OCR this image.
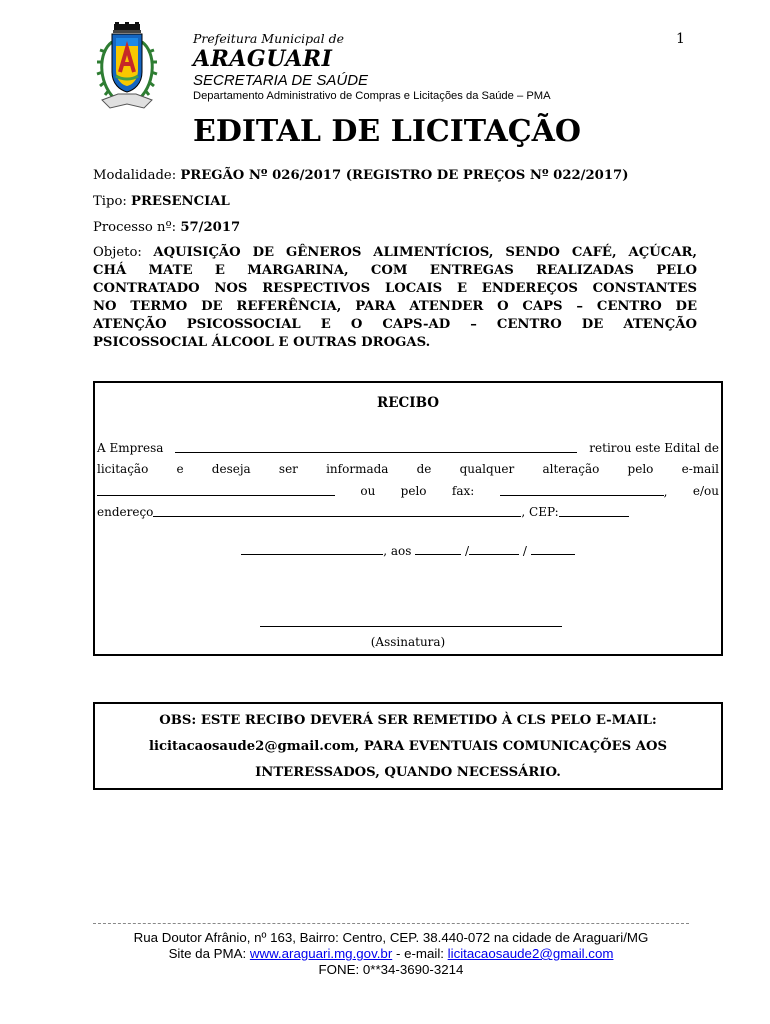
1
Prefeitura Municipal de
ARAGUARI
SECRETARIA DE SAÚDE
Departamento Administrativo de Compras e Licitações da Saúde – PMA
EDITAL DE LICITAÇÃO
Modalidade: PREGÃO Nº 026/2017 (REGISTRO DE PREÇOS Nº 022/2017)
Tipo: PRESENCIAL
Processo nº: 57/2017
Objeto: AQUISIÇÃO DE GÊNEROS ALIMENTÍCIOS, SENDO CAFÉ, AÇÚCAR,
CHÁ MATE E MARGARINA, COM ENTREGAS REALIZADAS PELO
CONTRATADO NOS RESPECTIVOS LOCAIS E ENDEREÇOS CONSTANTES
NO TERMO DE REFERÊNCIA, PARA ATENDER O CAPS – CENTRO DE
ATENÇÃO PSICOSSOCIAL E O CAPS-AD – CENTRO DE ATENÇÃO
PSICOSSOCIAL ÁLCOOL E OUTRAS DROGAS.
RECIBO
A Empresa	retirou este Edital de
licitação e deseja ser informada de qualquer alteração pelo e-mail
ou pelo fax:	, e/ou
endereço	, CEP:
, aos	/	/
(Assinatura)
OBS: ESTE RECIBO DEVERÁ SER REMETIDO À CLS PELO E-MAIL:
licitacaosaude2@gmail.com, PARA EVENTUAIS COMUNICAÇÕES AOS
INTERESSADOS, QUANDO NECESSÁRIO.
Rua Doutor Afrânio, nº 163, Bairro: Centro, CEP. 38.440-072 na cidade de Araguari/MG
Site da PMA: www.araguari.mg.gov.br - e-mail: licitacaosaude2@gmail.com
FONE: 0**34-3690-3214
